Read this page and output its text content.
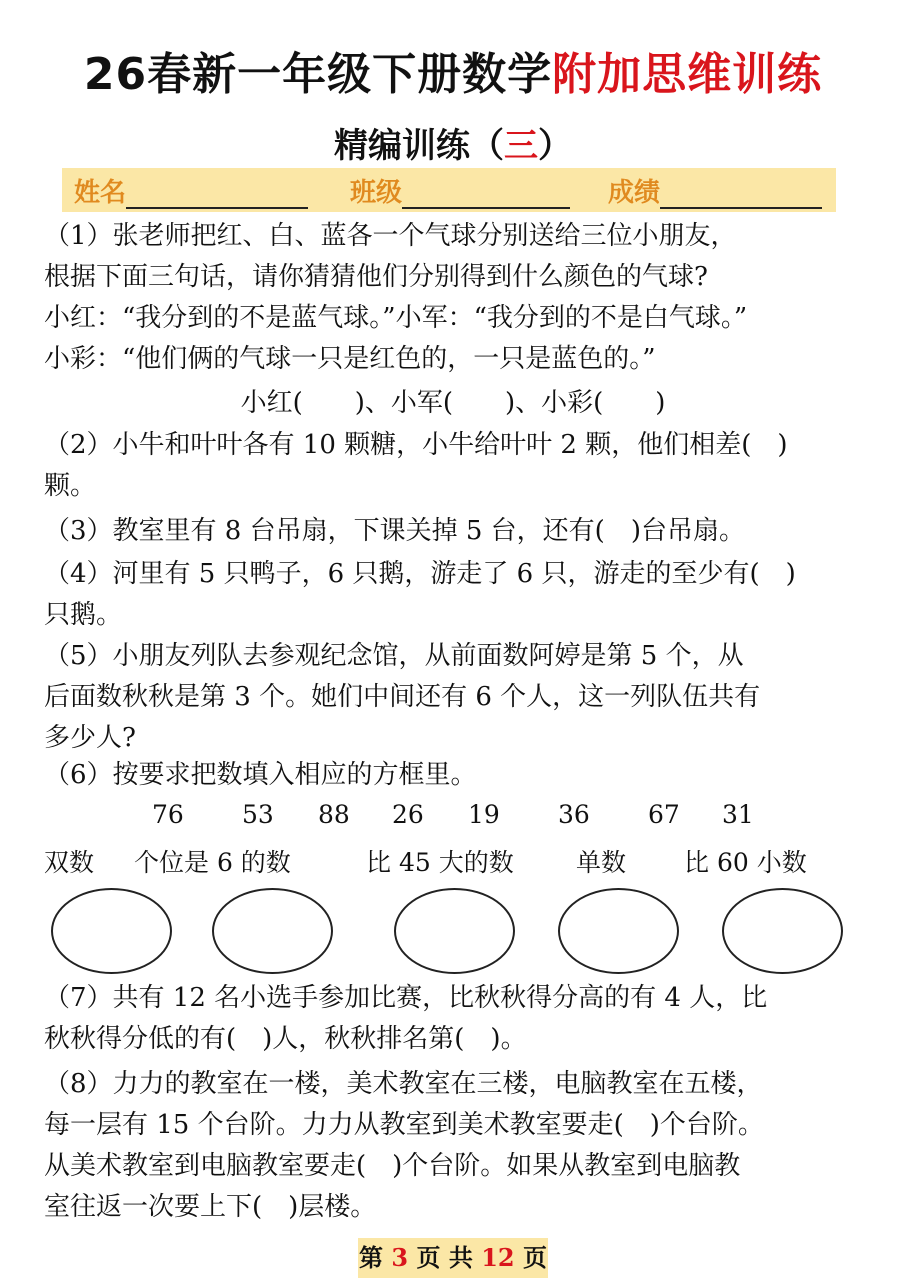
26春新一年级下册数学附加思维训练
精编训练（三）
姓名	班级	成绩
（1）张老师把红、白、蓝各一个气球分别送给三位小朋友，
根据下面三句话，请你猜猜他们分别得到什么颜色的气球?
小红：“我分到的不是蓝气球。”小军：“我分到的不是白气球。”
小彩：“他们俩的气球一只是红色的，一只是蓝色的。”
小红(　　)、小军(　　)、小彩(　　)
（2）小牛和叶叶各有 10 颗糖，小牛给叶叶 2 颗，他们相差(　)
颗。
（3）教室里有 8 台吊扇，下课关掉 5 台，还有(　)台吊扇。
（4）河里有 5 只鸭子，6 只鹅，游走了 6 只，游走的至少有(　)
只鹅。
（5）小朋友列队去参观纪念馆，从前面数阿婷是第 5 个，从
后面数秋秋是第 3 个。她们中间还有 6 个人，这一列队伍共有
多少人?
（6）按要求把数填入相应的方框里。
76 53 88 26 19 36 67 31
双数 个位是 6 的数	比 45 大的数 单数 比 60 小数
（7）共有 12 名小选手参加比赛，比秋秋得分高的有 4 人，比
秋秋得分低的有(　)人，秋秋排名第(　)。
（8）力力的教室在一楼，美术教室在三楼，电脑教室在五楼，
每一层有 15 个台阶。力力从教室到美术教室要走(　)个台阶。
从美术教室到电脑教室要走(　)个台阶。如果从教室到电脑教
室往返一次要上下(　)层楼。
第 3 页 共 12 页
